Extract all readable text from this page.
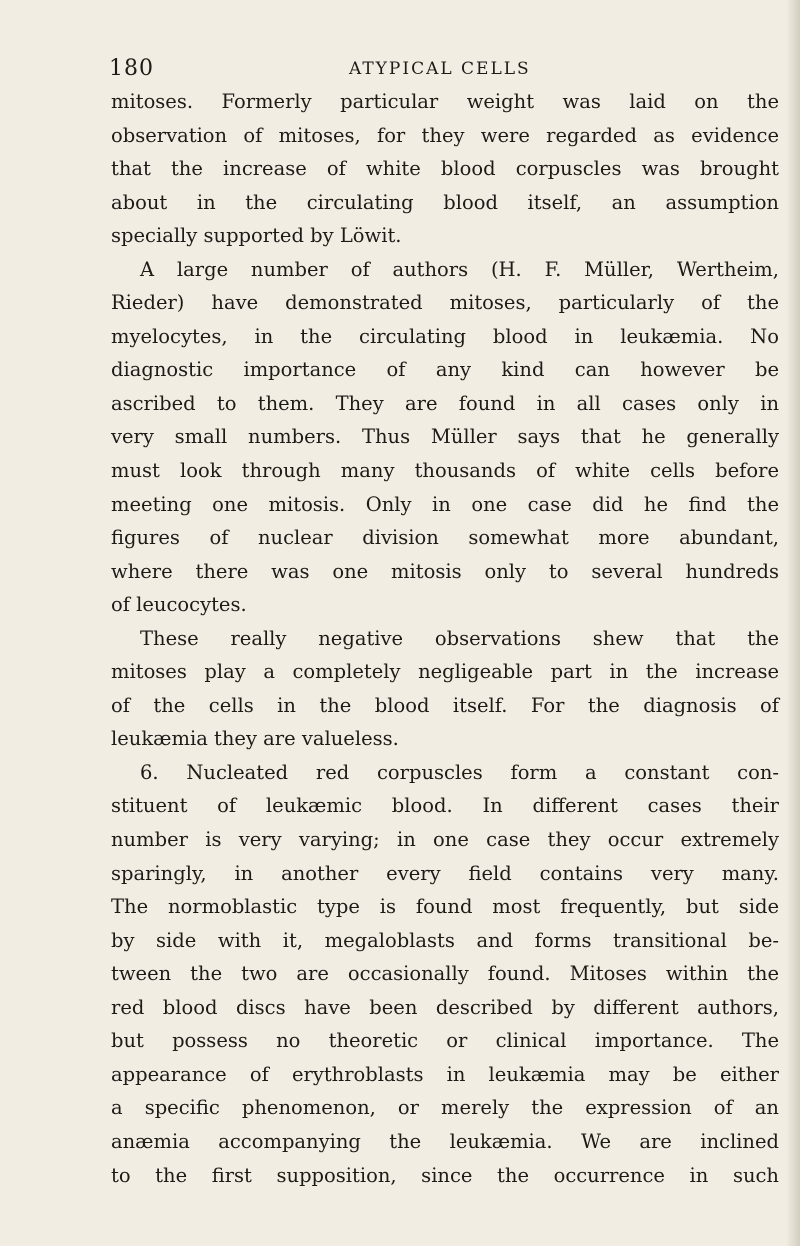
180	ATYPICAL CELLS
mitoses. Formerly particular weight was laid on the
observation of mitoses, for they were regarded as evidence
that the increase of white blood corpuscles was brought
about in the circulating blood itself, an assumption
specially supported by Löwit.
A large number of authors (H. F. Müller, Wertheim,
Rieder) have demonstrated mitoses, particularly of the
myelocytes, in the circulating blood in leukæmia. No
diagnostic importance of any kind can however be
ascribed to them. They are found in all cases only in
very small numbers. Thus Müller says that he generally
must look through many thousands of white cells before
meeting one mitosis. Only in one case did he find the
figures of nuclear division somewhat more abundant,
where there was one mitosis only to several hundreds
of leucocytes.
These really negative observations shew that the
mitoses play a completely negligeable part in the increase
of the cells in the blood itself. For the diagnosis of
leukæmia they are valueless.
6. Nucleated red corpuscles form a constant con-
stituent of leukæmic blood. In different cases their
number is very varying; in one case they occur extremely
sparingly, in another every field contains very many.
The normoblastic type is found most frequently, but side
by side with it, megaloblasts and forms transitional be-
tween the two are occasionally found. Mitoses within the
red blood discs have been described by different authors,
but possess no theoretic or clinical importance. The
appearance of erythroblasts in leukæmia may be either
a specific phenomenon, or merely the expression of an
anæmia accompanying the leukæmia. We are inclined
to the first supposition, since the occurrence in such
